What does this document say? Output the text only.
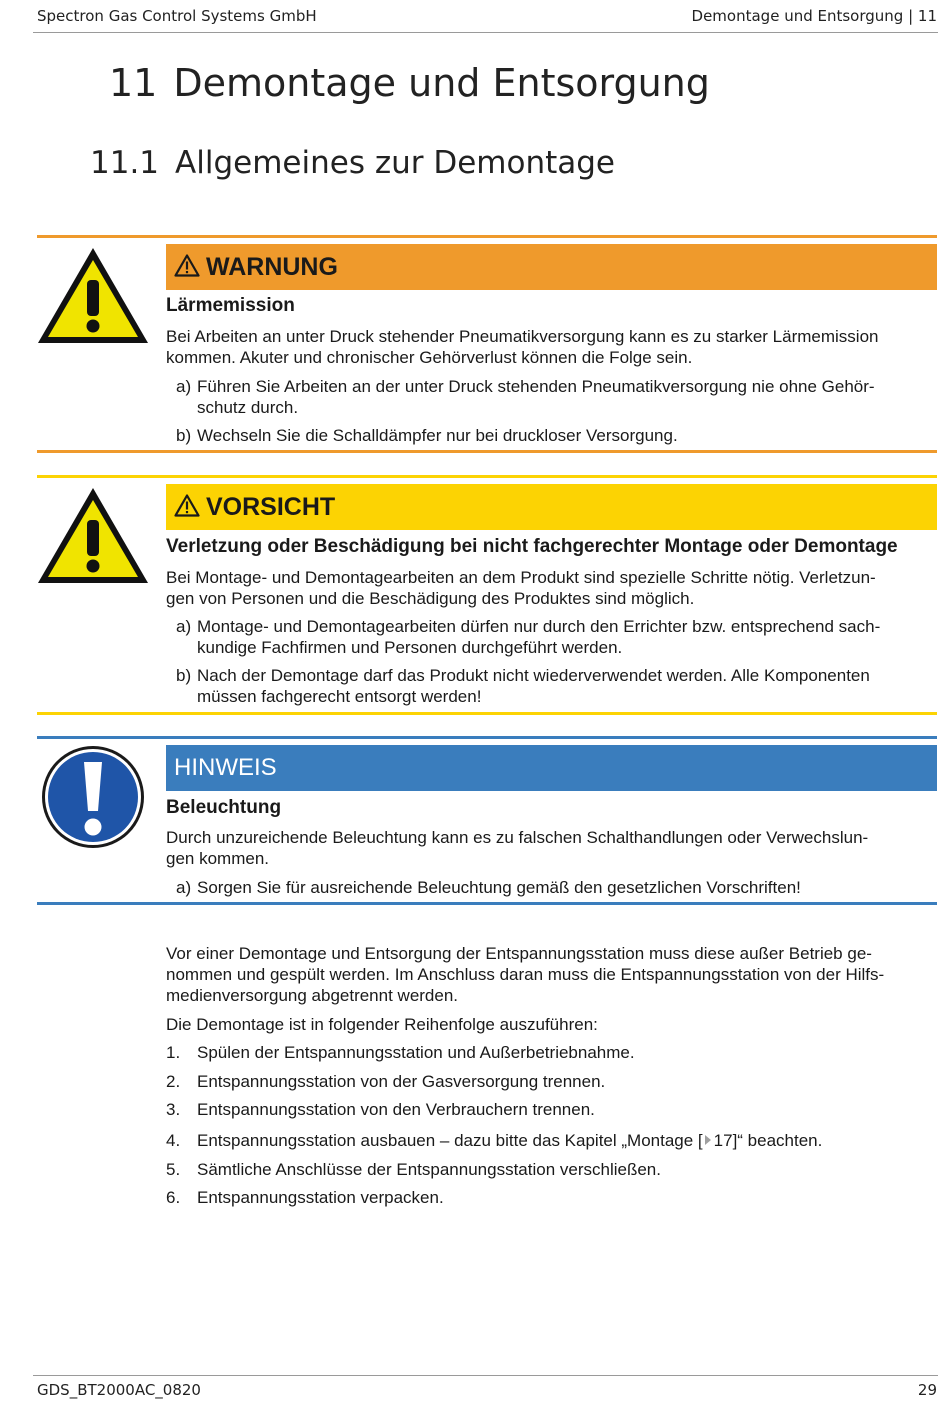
Spectron Gas Control Systems GmbH	Demontage und Entsorgung | 11
11 Demontage und Entsorgung
11.1 Allgemeines zur Demontage
WARNUNG
Lärmemission
Bei Arbeiten an unter Druck stehender Pneumatikversorgung kann es zu starker Lärmemission
kommen. Akuter und chronischer Gehörverlust können die Folge sein.
a) Führen Sie Arbeiten an der unter Druck stehenden Pneumatikversorgung nie ohne Gehör-
schutz durch.
b) Wechseln Sie die Schalldämpfer nur bei druckloser Versorgung.
VORSICHT
Verletzung oder Beschädigung bei nicht fachgerechter Montage oder Demontage
Bei Montage- und Demontagearbeiten an dem Produkt sind spezielle Schritte nötig. Verletzun-
gen von Personen und die Beschädigung des Produktes sind möglich.
a) Montage- und Demontagearbeiten dürfen nur durch den Errichter bzw. entsprechend sach-
kundige Fachfirmen und Personen durchgeführt werden.
b) Nach der Demontage darf das Produkt nicht wiederverwendet werden. Alle Komponenten
müssen fachgerecht entsorgt werden!
HINWEIS
Beleuchtung
Durch unzureichende Beleuchtung kann es zu falschen Schalthandlungen oder Verwechslun-
gen kommen.
a) Sorgen Sie für ausreichende Beleuchtung gemäß den gesetzlichen Vorschriften!
Vor einer Demontage und Entsorgung der Entspannungsstation muss diese außer Betrieb ge-
nommen und gespült werden. Im Anschluss daran muss die Entspannungsstation von der Hilfs-
medienversorgung abgetrennt werden.
Die Demontage ist in folgender Reihenfolge auszuführen:
1. Spülen der Entspannungsstation und Außerbetriebnahme.
2. Entspannungsstation von der Gasversorgung trennen.
3. Entspannungsstation von den Verbrauchern trennen.
4. Entspannungsstation ausbauen – dazu bitte das Kapitel „Montage [ 17]“ beachten.
5. Sämtliche Anschlüsse der Entspannungsstation verschließen.
6. Entspannungsstation verpacken.
GDS_BT2000AC_0820	29
